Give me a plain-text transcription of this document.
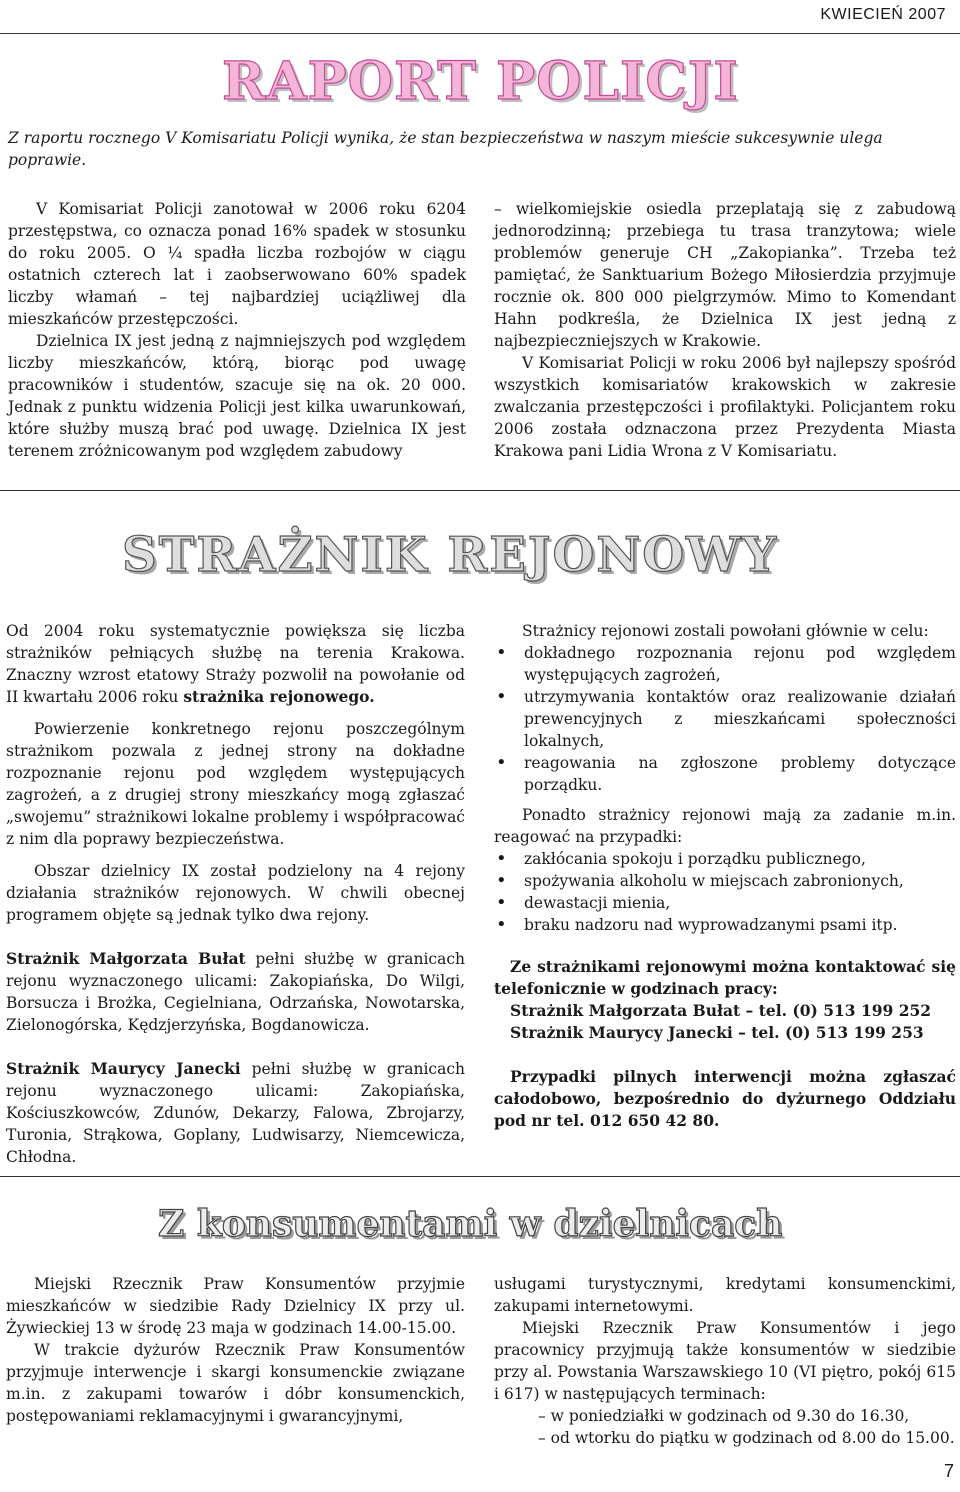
KWIECIEŃ 2007
RAPORT POLICJI

Z raportu rocznego V Komisariatu Policji wynika, że stan bezpieczeństwa w naszym mieście sukcesywnie ulega poprawie.

V Komisariat Policji zanotował w 2006 roku 6204 przestępstwa, co oznacza ponad 16% spadek w stosunku do roku 2005. O ¼ spadła liczba rozbojów w ciągu ostatnich czterech lat i zaobserwowano 60% spadek liczby włamań – tej najbardziej uciążliwej dla mieszkańców przestępczości.

Dzielnica IX jest jedną z najmniejszych pod względem liczby mieszkańców, którą, biorąc pod uwagę pracowników i studentów, szacuje się na ok. 20 000. Jednak z punktu widzenia Policji jest kilka uwarunkowań, które służby muszą brać pod uwagę. Dzielnica IX jest terenem zróżnicowanym pod względem zabudowy

– wielkomiejskie osiedla przeplatają się z zabudową jednorodzinną; przebiega tu trasa tranzytowa; wiele problemów generuje CH „Zakopianka”. Trzeba też pamiętać, że Sanktuarium Bożego Miłosierdzia przyjmuje rocznie ok. 800 000 pielgrzymów. Mimo to Komendant Hahn podkreśla, że Dzielnica IX jest jedną z najbezpieczniejszych w Krakowie.

V Komisariat Policji w roku 2006 był najlepszy spośród wszystkich komisariatów krakowskich w zakresie zwalczania przestępczości i profilaktyki. Policjantem roku 2006 została odznaczona przez Prezydenta Miasta Krakowa pani Lidia Wrona z V Komisariatu.

STRAŻNIK REJONOWY

Od 2004 roku systematycznie powiększa się liczba strażników pełniących służbę na terenia Krakowa. Znaczny wzrost etatowy Straży pozwolił na powołanie od II kwartału 2006 roku strażnika rejonowego.

Powierzenie konkretnego rejonu poszczególnym strażnikom pozwala z jednej strony na dokładne rozpoznanie rejonu pod względem występujących zagrożeń, a z drugiej strony mieszkańcy mogą zgłaszać „swojemu” strażnikowi lokalne problemy i współpracować z nim dla poprawy bezpieczeństwa.

Obszar dzielnicy IX został podzielony na 4 rejony działania strażników rejonowych. W chwili obecnej programem objęte są jednak tylko dwa rejony.

Strażnik Małgorzata Bułat pełni służbę w granicach rejonu wyznaczonego ulicami: Zakopiańska, Do Wilgi, Borsucza i Brożka, Cegielniana, Odrzańska, Nowotarska, Zielonogórska, Kędzjerzyńska, Bogdanowicza.

Strażnik Maurycy Janecki pełni służbę w granicach rejonu wyznaczonego ulicami: Zakopiańska, Kościuszkowców, Zdunów, Dekarzy, Falowa, Zbrojarzy, Turonia, Strąkowa, Goplany, Ludwisarzy, Niemcewicza, Chłodna.

Strażnicy rejonowi zostali powołani głównie w celu:

• dokładnego rozpoznania rejonu pod względem występujących zagrożeń,
• utrzymywania kontaktów oraz realizowanie działań prewencyjnych z mieszkańcami społeczności lokalnych,
• reagowania na zgłoszone problemy dotyczące porządku.

Ponadto strażnicy rejonowi mają za zadanie m.in. reagować na przypadki:

• zakłócania spokoju i porządku publicznego,
• spożywania alkoholu w miejscach zabronionych,
• dewastacji mienia,
• braku nadzoru nad wyprowadzanymi psami itp.

Ze strażnikami rejonowymi można kontaktować się telefonicznie w godzinach pracy:

Strażnik Małgorzata Bułat – tel. (0) 513 199 252

Strażnik Maurycy Janecki – tel. (0) 513 199 253

Przypadki pilnych interwencji można zgłaszać całodobowo, bezpośrednio do dyżurnego Oddziału pod nr tel. 012 650 42 80.

Z konsumentami w dzielnicach

Miejski Rzecznik Praw Konsumentów przyjmie mieszkańców w siedzibie Rady Dzielnicy IX przy ul. Żywieckiej 13 w środę 23 maja w godzinach 14.00-15.00.

W trakcie dyżurów Rzecznik Praw Konsumentów przyjmuje interwencje i skargi konsumenckie związane m.in. z zakupami towarów i dóbr konsumenckich, postępowaniami reklamacyjnymi i gwarancyjnymi,

usługami turystycznymi, kredytami konsumenckimi, zakupami internetowymi.

Miejski Rzecznik Praw Konsumentów i jego pracownicy przyjmują także konsumentów w siedzibie przy al. Powstania Warszawskiego 10 (VI piętro, pokój 615 i 617) w następujących terminach:

– w poniedziałki w godzinach od 9.30 do 16.30,

– od wtorku do piątku w godzinach od 8.00 do 15.00.

7
